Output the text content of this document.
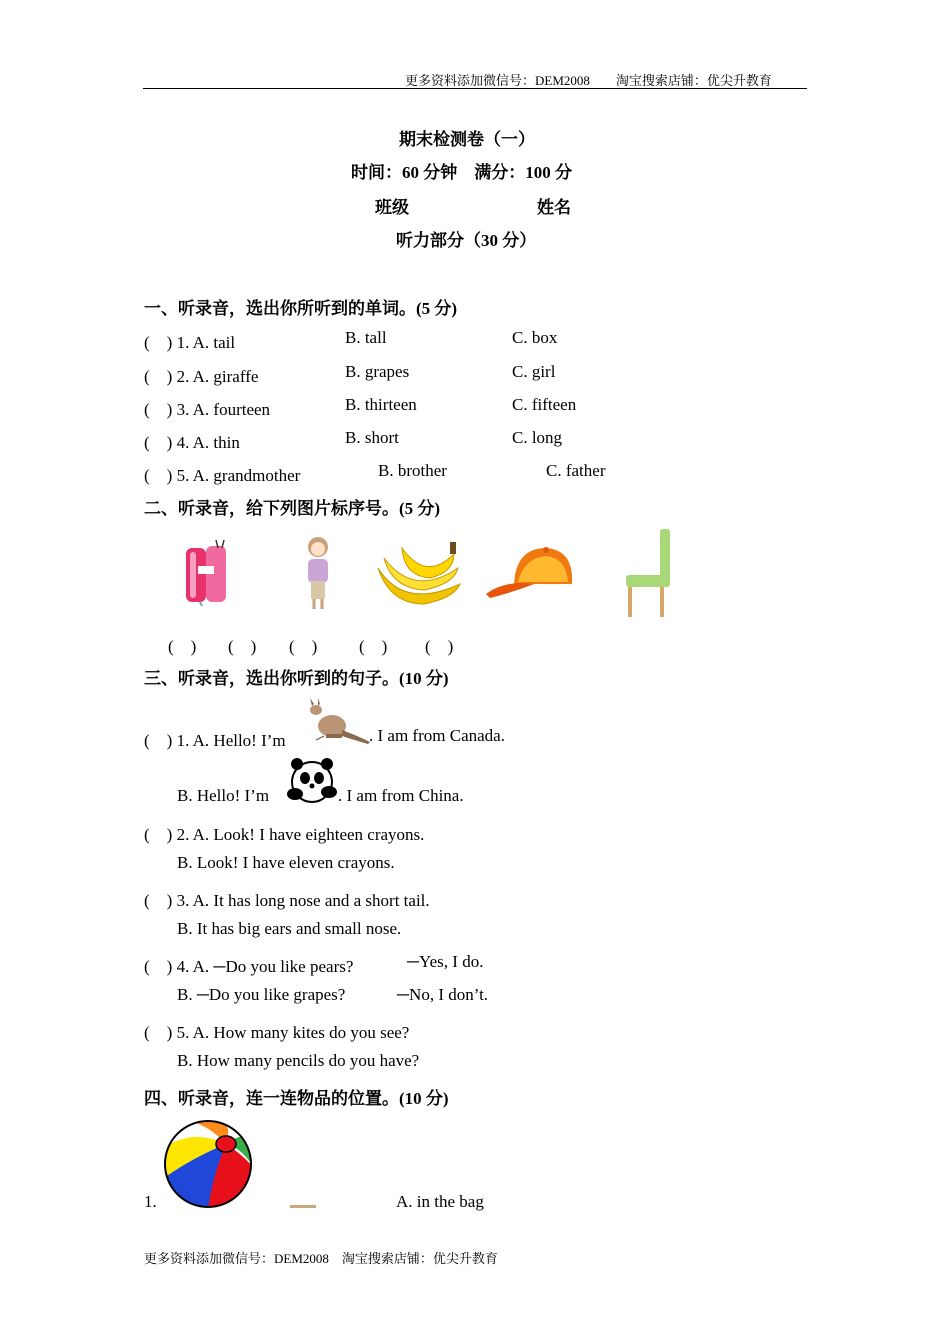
更多资料添加微信号：DEM2008　　淘宝搜索店铺：优尖升教育
期末检测卷（一）
时间：60 分钟　满分：100 分
班级	姓名
听力部分（30 分）
一、听录音，选出你所听到的单词。(5 分)
(　) 1. A. tail	B. tall	C. box
(　) 2. A. giraffe	B. grapes	C. girl
(　) 3. A. fourteen	B. thirteen	C. fifteen
(　) 4. A. thin	B. short	C. long
(　) 5. A. grandmother	B. brother	C. father
二、听录音，给下列图片标序号。(5 分)
(　) (　) (　) (　) (　)
三、听录音，选出你听到的句子。(10 分)
(　) 1. A. Hello! I’m	. I am from Canada.
B. Hello! I’m	. I am from China.
(　) 2. A. Look! I have eighteen crayons.
B. Look! I have eleven crayons.
(　) 3. A. It has long nose and a short tail.
B. It has big ears and small nose.
(　) 4. A. ─Do you like pears?	─Yes, I do.
B. ─Do you like grapes?	─No, I don’t.
(　) 5. A. How many kites do you see?
B. How many pencils do you have?
四、听录音，连一连物品的位置。(10 分)
1.	A. in the bag
更多资料添加微信号：DEM2008　淘宝搜索店铺：优尖升教育
